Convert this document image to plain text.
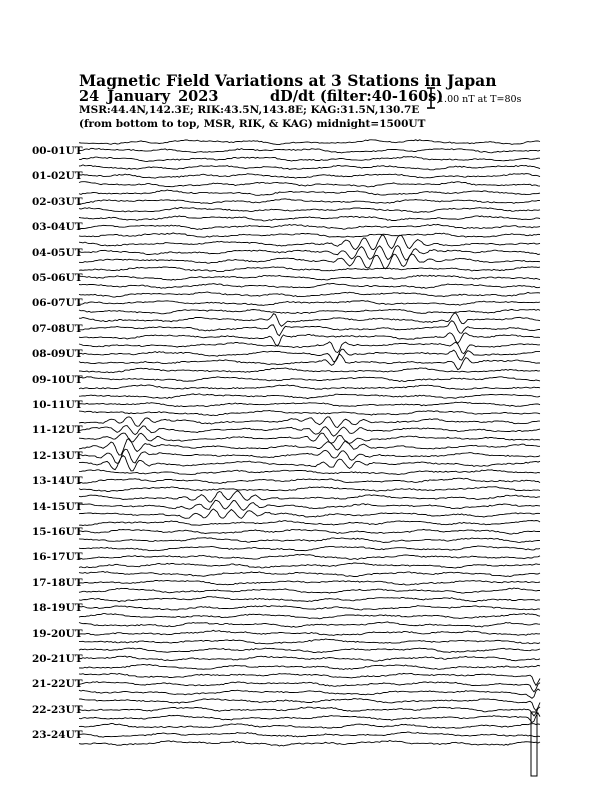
Magnetic Field Variations at 3 Stations in Japan
24 January 2023	dD/dt (filter:40-160s)
MSR:44.4N,142.3E; RIK:43.5N,143.8E; KAG:31.5N,130.7E
(from bottom to top, MSR, RIK, & KAG) midnight=1500UT
1.00 nT at T=80s
00-01UT
01-02UT
02-03UT
03-04UT
04-05UT
05-06UT
06-07UT
07-08UT
08-09UT
09-10UT
10-11UT
11-12UT
12-13UT
13-14UT
14-15UT
15-16UT
16-17UT
17-18UT
18-19UT
19-20UT
20-21UT
21-22UT
22-23UT
23-24UT
